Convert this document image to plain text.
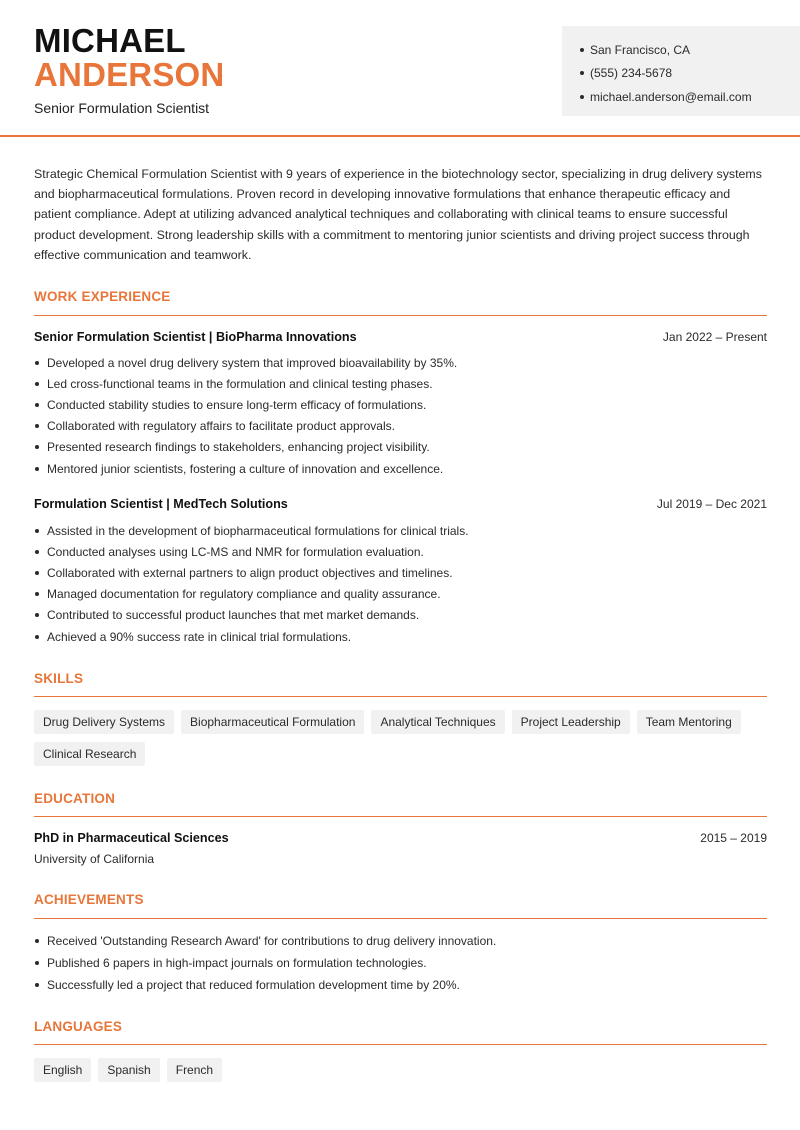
MICHAEL
ANDERSON
Senior Formulation Scientist
San Francisco, CA
(555) 234-5678
michael.anderson@email.com

Strategic Chemical Formulation Scientist with 9 years of experience in the biotechnology sector, specializing in drug delivery systems and biopharmaceutical formulations. Proven record in developing innovative formulations that enhance therapeutic efficacy and patient compliance. Adept at utilizing advanced analytical techniques and collaborating with clinical teams to ensure successful product development. Strong leadership skills with a commitment to mentoring junior scientists and driving project success through effective communication and teamwork.

WORK EXPERIENCE
Senior Formulation Scientist | BioPharma Innovations	Jan 2022 – Present
Developed a novel drug delivery system that improved bioavailability by 35%.
Led cross-functional teams in the formulation and clinical testing phases.
Conducted stability studies to ensure long-term efficacy of formulations.
Collaborated with regulatory affairs to facilitate product approvals.
Presented research findings to stakeholders, enhancing project visibility.
Mentored junior scientists, fostering a culture of innovation and excellence.
Formulation Scientist | MedTech Solutions	Jul 2019 – Dec 2021
Assisted in the development of biopharmaceutical formulations for clinical trials.
Conducted analyses using LC-MS and NMR for formulation evaluation.
Collaborated with external partners to align product objectives and timelines.
Managed documentation for regulatory compliance and quality assurance.
Contributed to successful product launches that met market demands.
Achieved a 90% success rate in clinical trial formulations.
SKILLS
Drug Delivery Systems	Biopharmaceutical Formulation	Analytical Techniques	Project Leadership	Team Mentoring
Clinical Research
EDUCATION
PhD in Pharmaceutical Sciences	2015 – 2019
University of California
ACHIEVEMENTS
Received 'Outstanding Research Award' for contributions to drug delivery innovation.
Published 6 papers in high-impact journals on formulation technologies.
Successfully led a project that reduced formulation development time by 20%.
LANGUAGES
English	Spanish	French
